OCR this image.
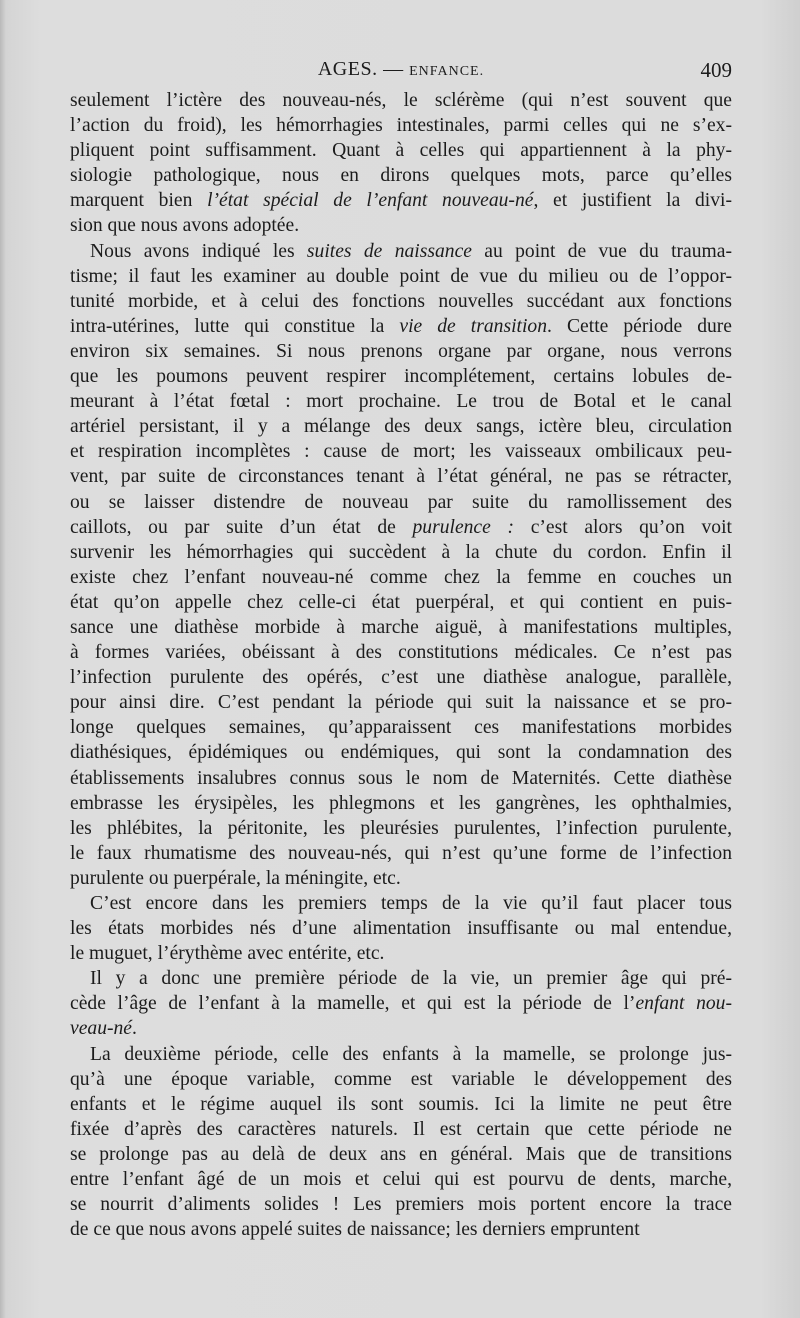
AGES. — ENFANCE.	409

seulement l’ictère des nouveau-nés, le sclérème (qui n’est souvent que
l’action du froid), les hémorrhagies intestinales, parmi celles qui ne s’ex-
pliquent point suffisamment. Quant à celles qui appartiennent à la phy-
siologie pathologique, nous en dirons quelques mots, parce qu’elles
marquent bien l’état spécial de l’enfant nouveau-né, et justifient la divi-
sion que nous avons adoptée.

Nous avons indiqué les suites de naissance au point de vue du trauma-
tisme; il faut les examiner au double point de vue du milieu ou de l’oppor-
tunité morbide, et à celui des fonctions nouvelles succédant aux fonctions
intra-utérines, lutte qui constitue la vie de transition. Cette période dure
environ six semaines. Si nous prenons organe par organe, nous verrons
que les poumons peuvent respirer incomplétement, certains lobules de-
meurant à l’état fœtal : mort prochaine. Le trou de Botal et le canal
artériel persistant, il y a mélange des deux sangs, ictère bleu, circulation
et respiration incomplètes : cause de mort; les vaisseaux ombilicaux peu-
vent, par suite de circonstances tenant à l’état général, ne pas se rétracter,
ou se laisser distendre de nouveau par suite du ramollissement des
caillots, ou par suite d’un état de purulence : c’est alors qu’on voit
survenir les hémorrhagies qui succèdent à la chute du cordon. Enfin il
existe chez l’enfant nouveau-né comme chez la femme en couches un
état qu’on appelle chez celle-ci état puerpéral, et qui contient en puis-
sance une diathèse morbide à marche aiguë, à manifestations multiples,
à formes variées, obéissant à des constitutions médicales. Ce n’est pas
l’infection purulente des opérés, c’est une diathèse analogue, parallèle,
pour ainsi dire. C’est pendant la période qui suit la naissance et se pro-
longe quelques semaines, qu’apparaissent ces manifestations morbides
diathésiques, épidémiques ou endémiques, qui sont la condamnation des
établissements insalubres connus sous le nom de Maternités. Cette diathèse
embrasse les érysipèles, les phlegmons et les gangrènes, les ophthalmies,
les phlébites, la péritonite, les pleurésies purulentes, l’infection purulente,
le faux rhumatisme des nouveau-nés, qui n’est qu’une forme de l’infection
purulente ou puerpérale, la méningite, etc.

C’est encore dans les premiers temps de la vie qu’il faut placer tous
les états morbides nés d’une alimentation insuffisante ou mal entendue,
le muguet, l’érythème avec entérite, etc.

Il y a donc une première période de la vie, un premier âge qui pré-
cède l’âge de l’enfant à la mamelle, et qui est la période de l’enfant nou-
veau-né.

La deuxième période, celle des enfants à la mamelle, se prolonge jus-
qu’à une époque variable, comme est variable le développement des
enfants et le régime auquel ils sont soumis. Ici la limite ne peut être
fixée d’après des caractères naturels. Il est certain que cette période ne
se prolonge pas au delà de deux ans en général. Mais que de transitions
entre l’enfant âgé de un mois et celui qui est pourvu de dents, marche,
se nourrit d’aliments solides ! Les premiers mois portent encore la trace
de ce que nous avons appelé suites de naissance; les derniers empruntent
